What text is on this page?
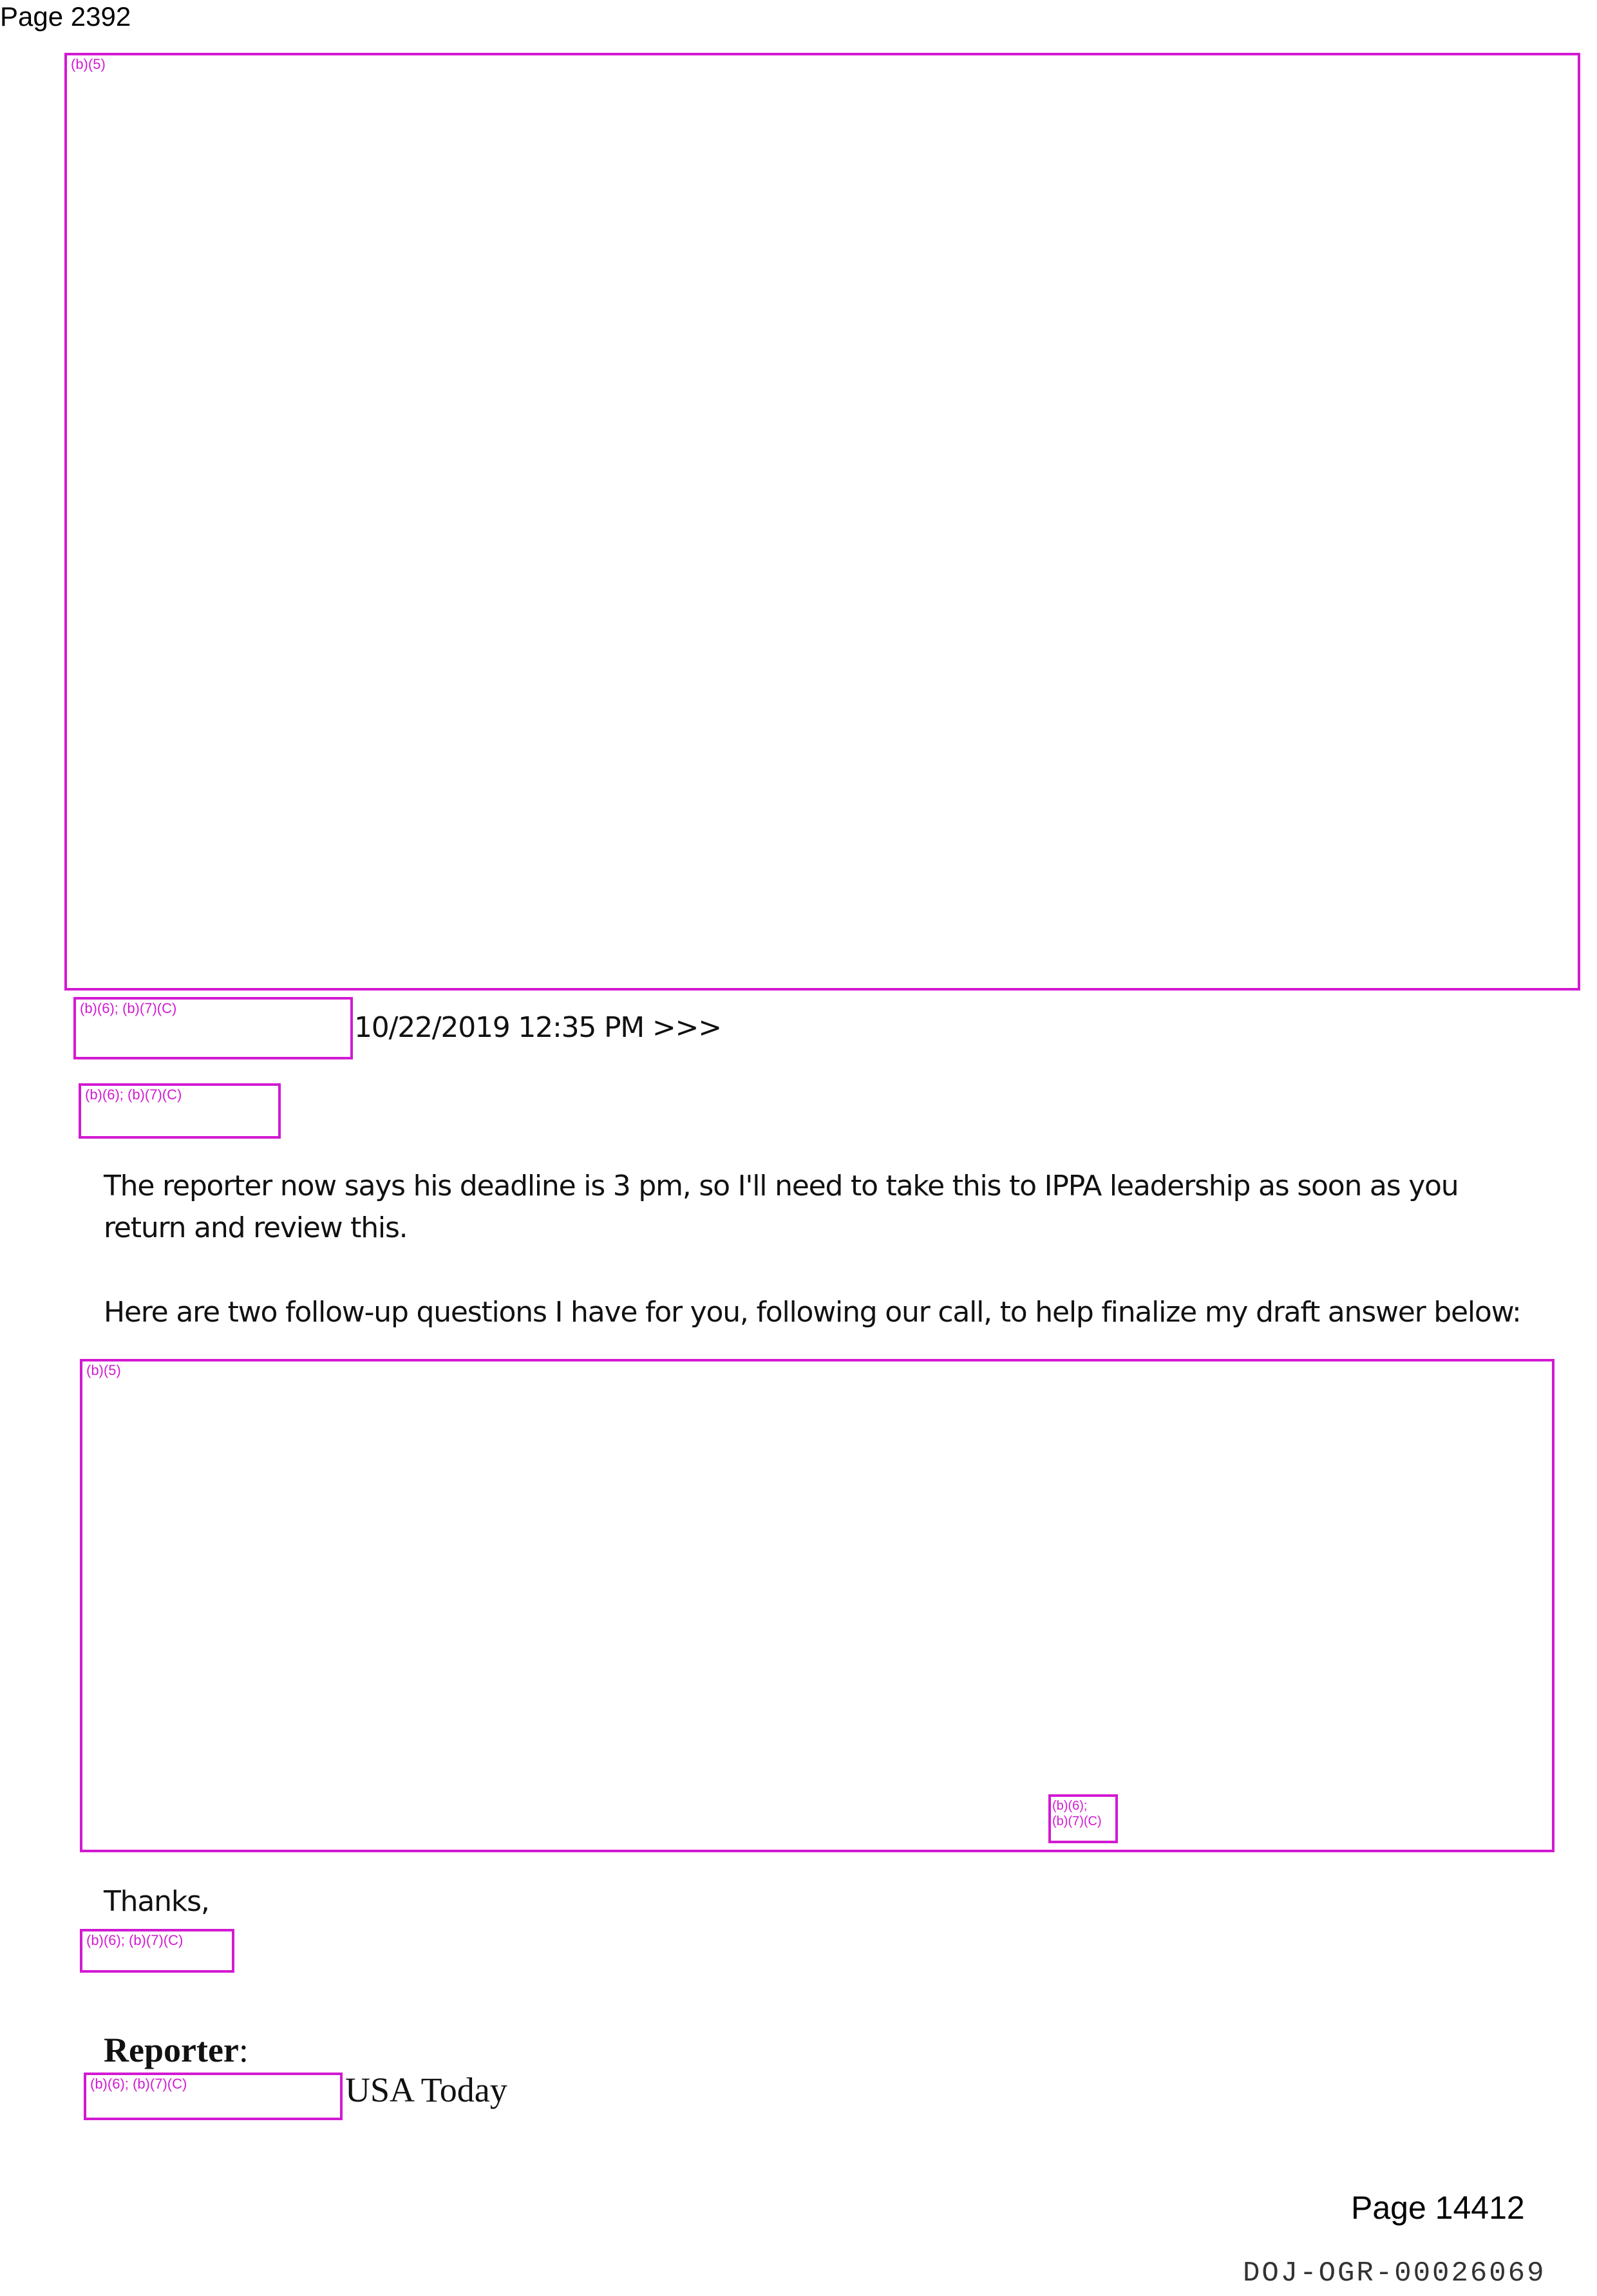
Page 2392
(b)(5)
(b)(6); (b)(7)(C)
10/22/2019 12:35 PM >>>
(b)(6); (b)(7)(C)
The reporter now says his deadline is 3 pm, so I'll need to take this to IPPA leadership as soon as you return and review this.
Here are two follow-up questions I have for you, following our call, to help finalize my draft answer below:
(b)(5)
(b)(6);
(b)(7)(C)
Thanks,
(b)(6); (b)(7)(C)
Reporter:
(b)(6); (b)(7)(C)	USA Today
Page 14412
DOJ-OGR-00026069
